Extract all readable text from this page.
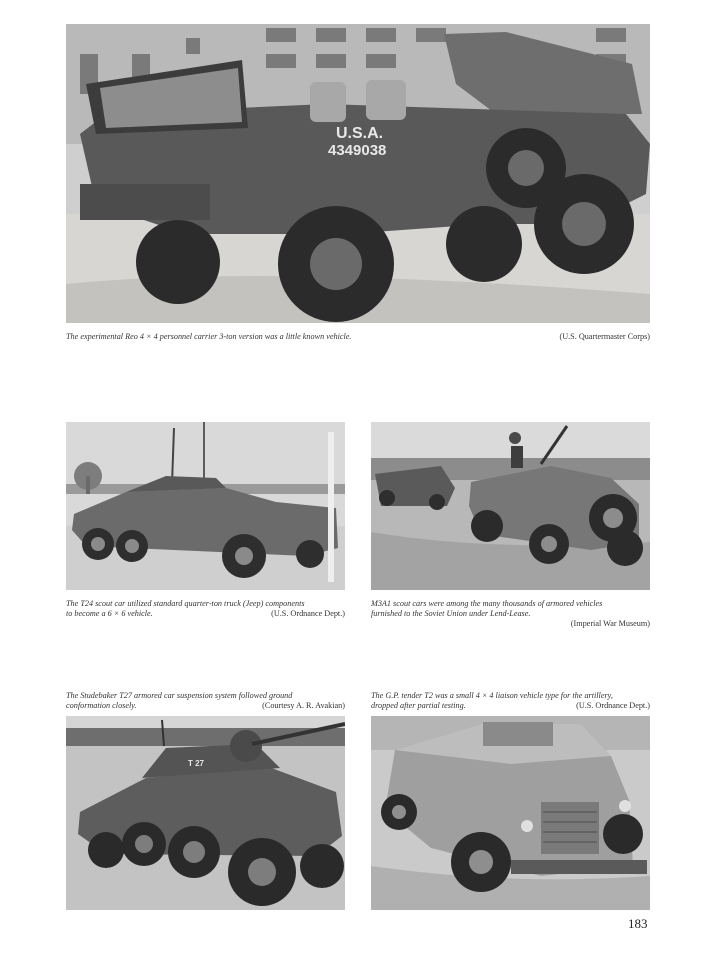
U.S.A.
4349038
The experimental Reo 4 × 4 personnel carrier 3-ton version was a little known vehicle.	(U.S. Quartermaster Corps)
The T24 scout car utilized standard quarter-ton truck (Jeep) components
to become a 6 × 6 vehicle.	(U.S. Ordnance Dept.)
M3A1 scout cars were among the many thousands of armored vehicles
furnished to the Soviet Union under Lend-Lease.
(Imperial War Museum)
The Studebaker T27 armored car suspension system followed ground
conformation closely.	(Courtesy A. R. Avakian)
T 27
The G.P. tender T2 was a small 4 × 4 liaison vehicle type for the artillery,
dropped after partial testing.	(U.S. Ordnance Dept.)
183
